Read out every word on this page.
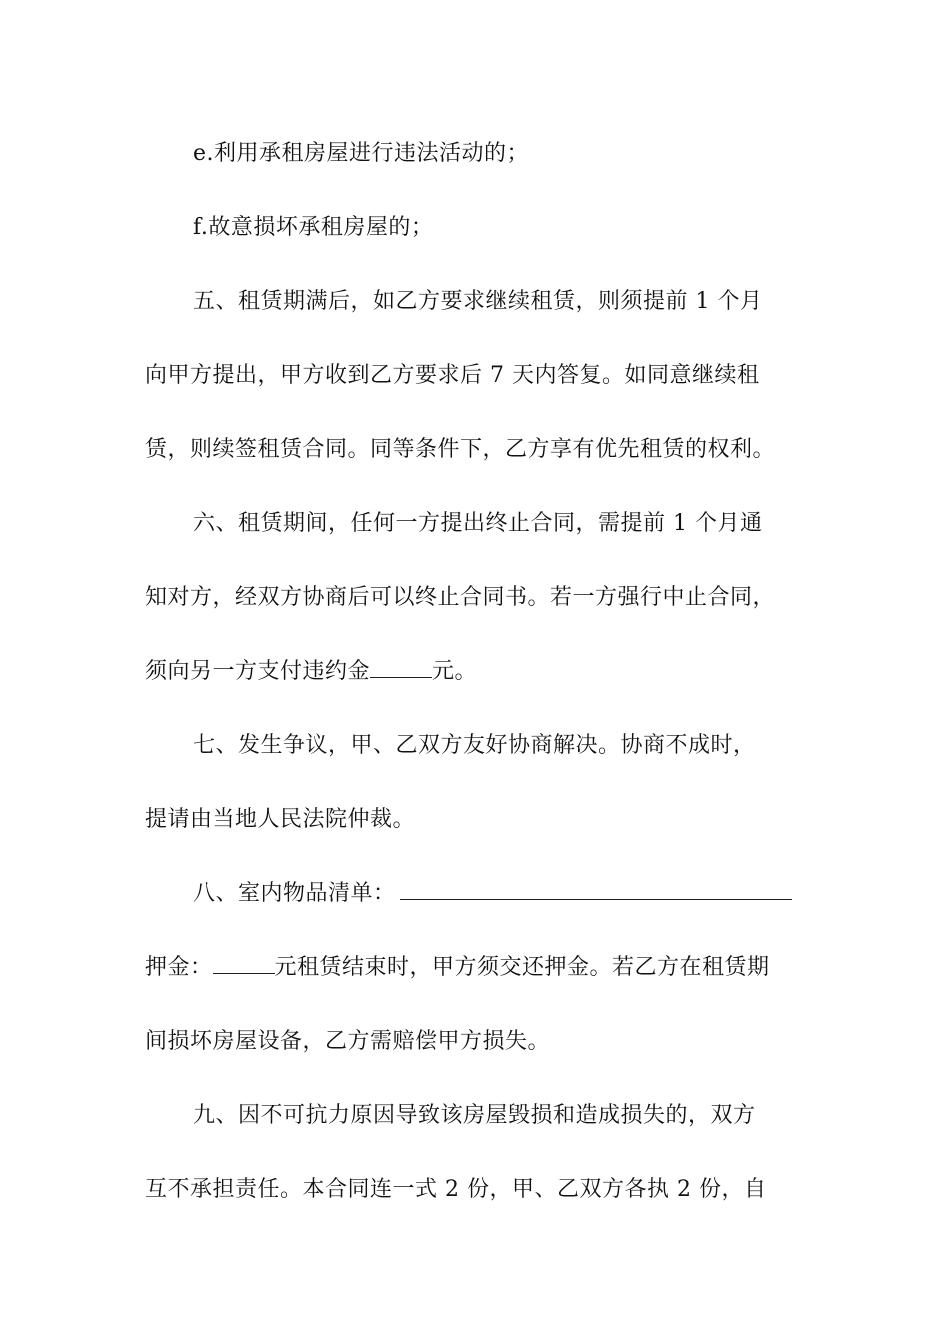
e.利用承租房屋进行违法活动的；
f.故意损坏承租房屋的；
五、租赁期满后，如乙方要求继续租赁，则须提前 1 个月
向甲方提出，甲方收到乙方要求后 7 天内答复。如同意继续租
赁，则续签租赁合同。同等条件下，乙方享有优先租赁的权利。
六、租赁期间，任何一方提出终止合同，需提前 1 个月通
知对方，经双方协商后可以终止合同书。若一方强行中止合同，
须向另一方支付违约金	元。
七、发生争议，甲、乙双方友好协商解决。协商不成时，
提请由当地人民法院仲裁。
八、室内物品清单：
押金：	元租赁结束时，甲方须交还押金。若乙方在租赁期
间损坏房屋设备，乙方需赔偿甲方损失。
九、因不可抗力原因导致该房屋毁损和造成损失的，双方
互不承担责任。本合同连一式 2 份，甲、乙双方各执 2 份，自
